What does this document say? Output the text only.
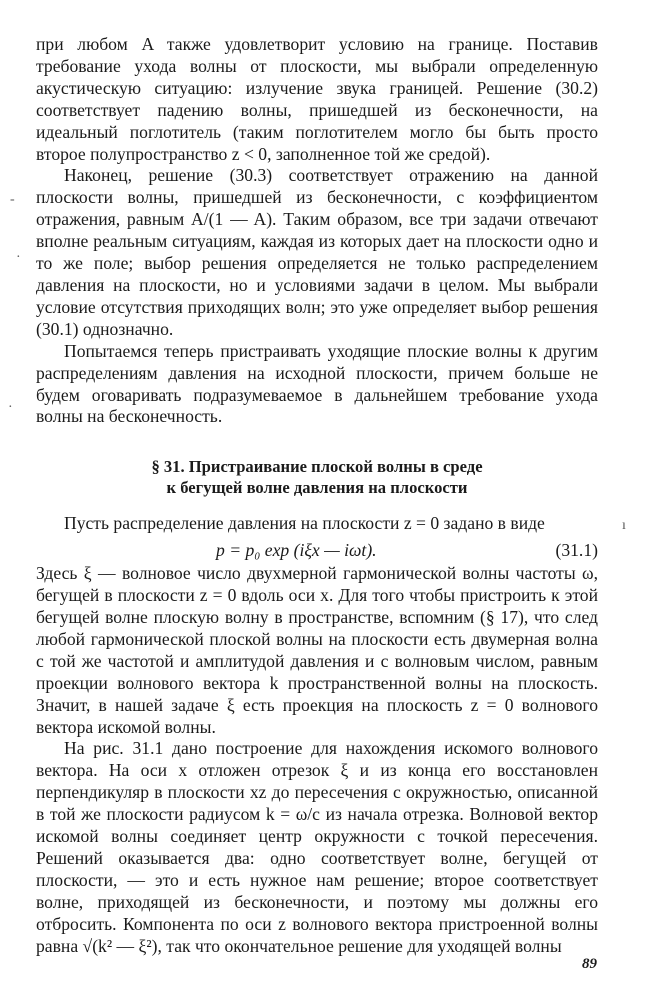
при любом A также удовлетворит условию на границе. Поставив требование ухода волны от плоскости, мы выбрали определенную акустическую ситуацию: излучение звука границей. Решение (30.2) соответствует падению волны, пришедшей из бесконечности, на идеальный поглотитель (таким поглотителем могло бы быть просто второе полупространство z < 0, заполненное той же средой).

Наконец, решение (30.3) соответствует отражению на данной плоскости волны, пришедшей из бесконечности, с коэффициентом отражения, равным A/(1 — A). Таким образом, все три задачи отвечают вполне реальным ситуациям, каждая из которых дает на плоскости одно и то же поле; выбор решения определяется не только распределением давления на плоскости, но и условиями задачи в целом. Мы выбрали условие отсутствия приходящих волн; это уже определяет выбор решения (30.1) однозначно.

Попытаемся теперь пристраивать уходящие плоские волны к другим распределениям давления на исходной плоскости, причем больше не будем оговаривать подразумеваемое в дальнейшем требование ухода волны на бесконечность.

§ 31. Пристраивание плоской волны в среде
к бегущей волне давления на плоскости

Пусть распределение давления на плоскости z = 0 задано в виде

p = p₀ exp (iξx — iωt).	(31.1)

Здесь ξ — волновое число двухмерной гармонической волны частоты ω, бегущей в плоскости z = 0 вдоль оси x. Для того чтобы пристроить к этой бегущей волне плоскую волну в пространстве, вспомним (§ 17), что след любой гармонической плоской волны на плоскости есть двумерная волна с той же частотой и амплитудой давления и с волновым числом, равным проекции волнового вектора k пространственной волны на плоскость. Значит, в нашей задаче ξ есть проекция на плоскость z = 0 волнового вектора искомой волны.

На рис. 31.1 дано построение для нахождения искомого волнового вектора. На оси x отложен отрезок ξ и из конца его восстановлен перпендикуляр в плоскости xz до пересечения с окружностью, описанной в той же плоскости радиусом k = ω/c из начала отрезка. Волновой вектор искомой волны соединяет центр окружности с точкой пересечения. Решений оказывается два: одно соответствует волне, бегущей от плоскости, — это и есть нужное нам решение; второе соответствует волне, приходящей из бесконечности, и поэтому мы должны его отбросить. Компонента по оси z волнового вектора пристроенной волны равна √(k² — ξ²), так что окончательное решение для уходящей волны

-
·
·
ı
89
